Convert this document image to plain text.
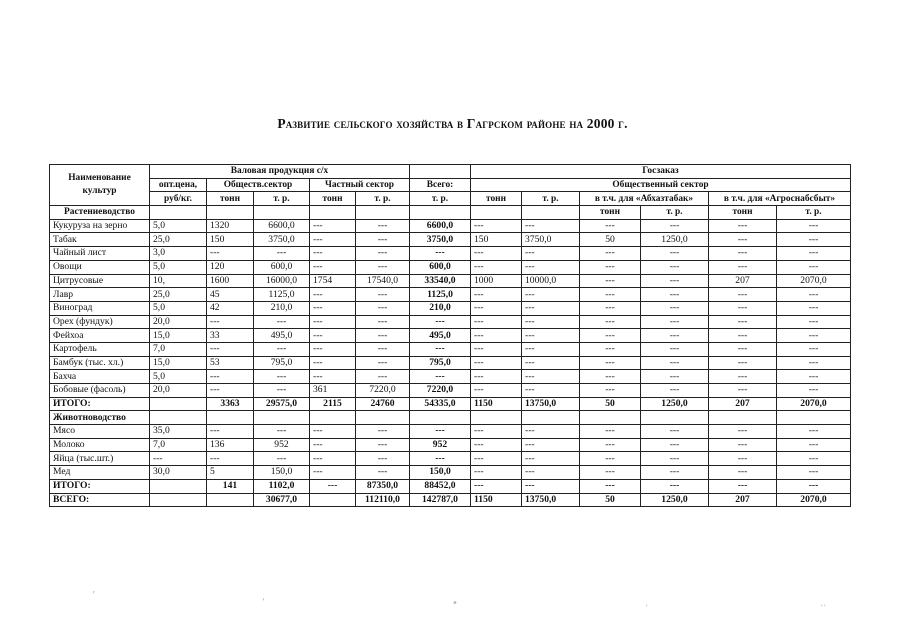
Развитие сельского хозяйства в Гагрском районе на 2000 г.
Наименование
культур	Валовая продукция с/х						Госзаказ					
	опт.цена,	Обществ.сектор		Частный сектор		Всего:	Общественный сектор					
	руб/кг.	тонн	т. р.	тонн	т. р.	т. р.	тонн	т. р.	в т.ч. для «Абхазтабак»		в т.ч. для «Агроснабсбыт»	
Растениеводство									тонн	т. р.	тонн	т. р.
Кукуруза на зерно	5,0	1320	6600,0	---	---	6600,0	---	---	---	---	---	---
Табак	25,0	150	3750,0	---	---	3750,0	150	3750,0	50	1250,0	---	---
Чайный лист	3,0	---	---	---	---	---	---	---	---	---	---	---
Овощи	5,0	120	600,0	---	---	600,0	---	---	---	---	---	---
Цитрусовые	10,	1600	16000,0	1754	17540,0	33540,0	1000	10000,0	---	---	207	2070,0
Лавр	25,0	45	1125,0	---	---	1125,0	---	---	---	---	---	---
Виноград	5,0	42	210,0	---	---	210,0	---	---	---	---	---	---
Орех (фундук)	20,0	---	---	---	---	---	---	---	---	---	---	---
Фейхоа	15,0	33	495,0	---	---	495,0	---	---	---	---	---	---
Картофель	7,0	---	---	---	---	---	---	---	---	---	---	---
Бамбук (тыс. хл.)	15,0	53	795,0	---	---	795,0	---	---	---	---	---	---
Бахча	5,0	---	---	---	---	---	---	---	---	---	---	---
Бобовые (фасоль)	20,0	---	---	361	7220,0	7220,0	---	---	---	---	---	---
ИТОГО:		3363	29575,0	2115	24760	54335,0	1150	13750,0	50	1250,0	207	2070,0
Животноводство												
Мясо	35,0	---	---	---	---	---	---	---	---	---	---	---
Молоко	7,0	136	952	---	---	952	---	---	---	---	---	---
Яйца (тыс.шт.)	---	---	---	---	---	---	---	---	---	---	---	---
Мед	30,0	5	150,0	---	---	150,0	---	---	---	---	---	---
ИТОГО:		141	1102,0	---	87350,0	88452,0	---	---	---	---	---	---
ВСЕГО:			30677,0		112110,0	142787,0	1150	13750,0	50	1250,0	207	2070,0
’
‘	•	·	··
